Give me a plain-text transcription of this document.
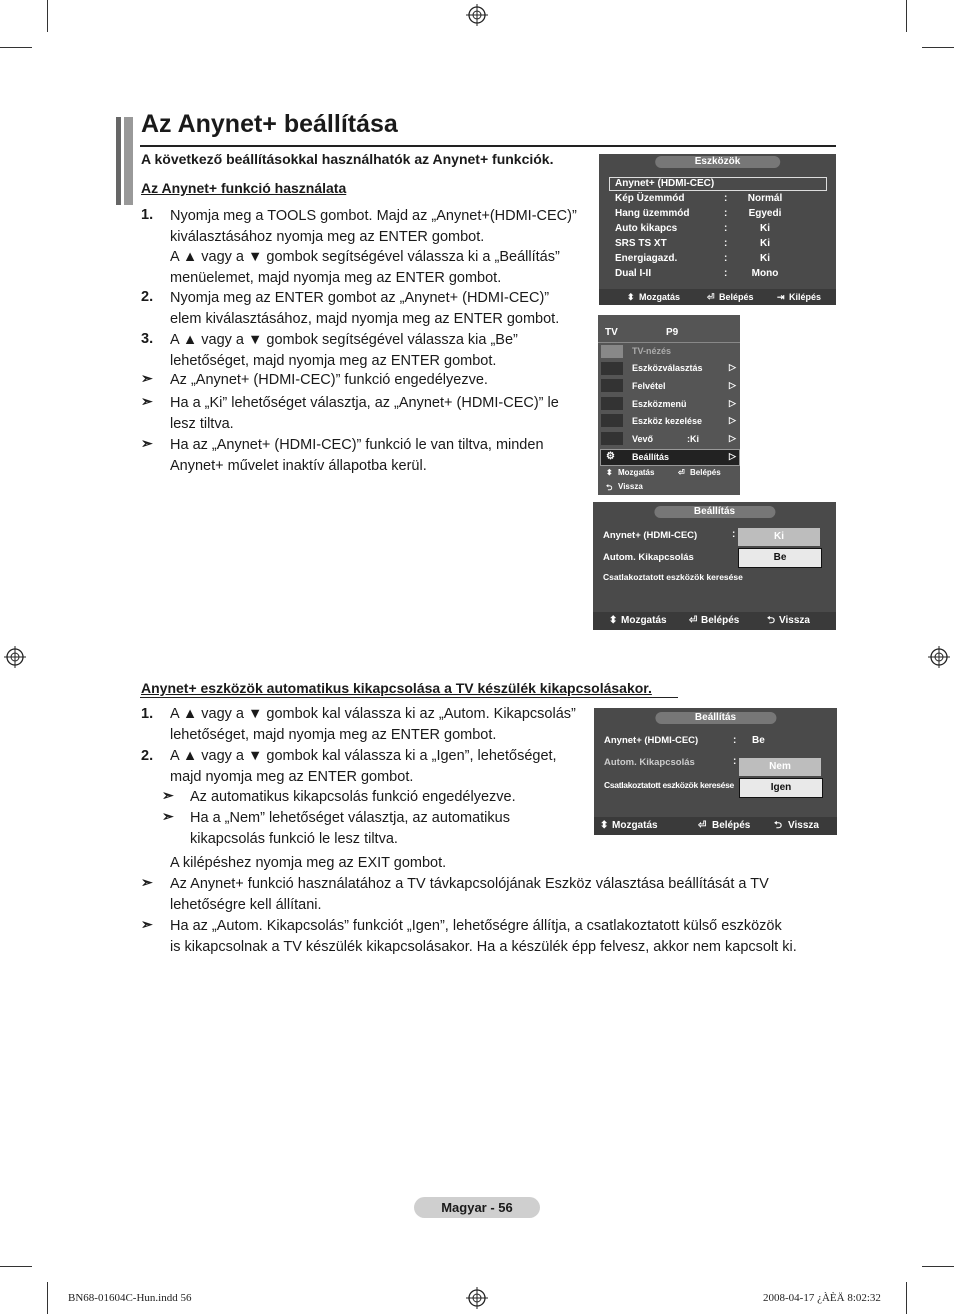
Az Anynet+ beállítása
A következő beállításokkal használhatók az Anynet+ funkciók.
Az Anynet+ funkció használata
1. Nyomja meg a TOOLS gombot. Majd az „Anynet+(HDMI-CEC)”
kiválasztásához nyomja meg az ENTER gombot.
A ▲ vagy a ▼ gombok segítségével válassza ki a „Beállítás”
menüelemet, majd nyomja meg az ENTER gombot.
2. Nyomja meg az ENTER gombot az „Anynet+ (HDMI-CEC)”
elem kiválasztásához, majd nyomja meg az ENTER gombot.
3. A ▲ vagy a ▼ gombok segítségével válassza kia „Be”
lehetőséget, majd nyomja meg az ENTER gombot.
➣ Az „Anynet+ (HDMI-CEC)” funkció engedélyezve.
➣ Ha a „Ki” lehetőséget választja, az „Anynet+ (HDMI-CEC)” le
lesz tiltva.
➣ Ha az „Anynet+ (HDMI-CEC)” funkció le van tiltva, minden
Anynet+ művelet inaktív állapotba kerül.
Eszközök
Anynet+ (HDMI-CEC)
Kép Üzemmód	: Normál
Hang üzemmód	: Egyedi
Auto kikapcs	:	Ki
SRS TS XT	:	Ki
Energiagazd.	:	Ki
Dual I-II	:	Mono
⬍ Mozgatás	⏎ Belépés	⇥ Kilépés
TV	P9
TV-nézés
Eszközválasztás	▷
Felvétel	▷
Eszközmenü	▷
Eszköz kezelése	▷
Vevő	:Ki	▷
⚙ Beállítás	▷
⬍ Mozgatás	⏎ Belépés
⮌ Vissza
Beállítás
Anynet+ (HDMI-CEC)	:	Ki
Autom. Kikapcsolás	Be
Csatlakoztatott eszközök keresése
⬍ Mozgatás ⏎ Belépés	⮌ Vissza
Anynet+ eszközök automatikus kikapcsolása a TV készülék kikapcsolásakor.
1. A ▲ vagy a ▼ gombok kal válassza ki az „Autom. Kikapcsolás”
lehetőséget, majd nyomja meg az ENTER gombot.
2. A ▲ vagy a ▼ gombok kal válassza ki a „Igen”, lehetőséget,
majd nyomja meg az ENTER gombot.
➣ Az automatikus kikapcsolás funkció engedélyezve.
➣ Ha a „Nem” lehetőséget választja, az automatikus
kikapcsolás funkció le lesz tiltva.
A kilépéshez nyomja meg az EXIT gombot.
➣ Az Anynet+ funkció használatához a TV távkapcsolójának Eszköz választása beállítását a TV
lehetőségre kell állítani.
➣ Ha az „Autom. Kikapcsolás” funkciót „Igen”, lehetőségre állítja, a csatlakoztatott külső eszközök
is kikapcsolnak a TV készülék kikapcsolásakor. Ha a készülék épp felvesz, akkor nem kapcsolt ki.
Beállítás
Anynet+ (HDMI-CEC)	: Be
Autom. Kikapcsolás	:	Nem
Csatlakoztatott eszközök keresése	Igen
⬍ Mozgatás	⏎ Belépés ⮌ Vissza
Magyar - 56
BN68-01604C-Hun.indd 56	2008-04-17 ¿ÀÈÄ 8:02:32
